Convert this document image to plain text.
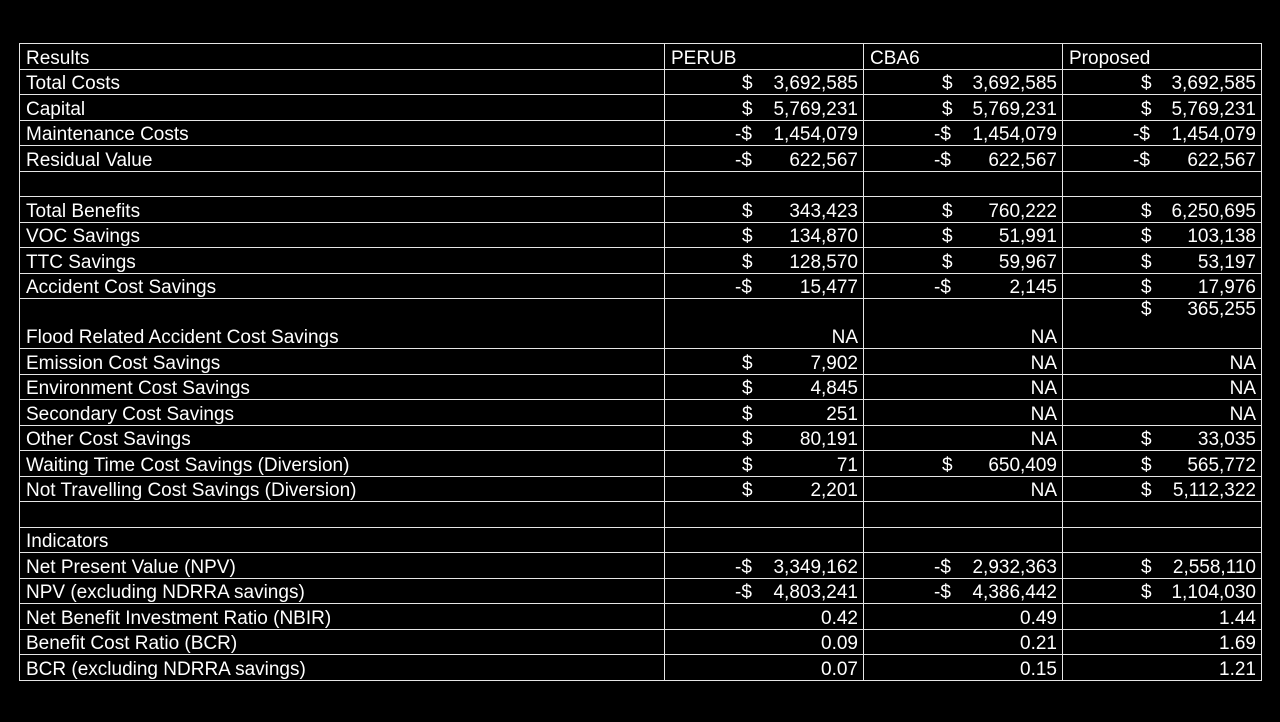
Results	PERUB	CBA6	Proposed
Total Costs	$ 3,692,585	$ 3,692,585	$ 3,692,585
Capital	$ 5,769,231	$ 5,769,231	$ 5,769,231
Maintenance Costs	-$ 1,454,079	-$ 1,454,079	-$ 1,454,079
Residual Value	-$ 622,567	-$ 622,567	-$ 622,567

Total Benefits	$ 343,423	$ 760,222	$ 6,250,695
VOC Savings	$ 134,870	$ 51,991	$ 103,138
TTC Savings	$ 128,570	$ 59,967	$ 53,197
Accident Cost Savings	-$ 15,477	-$ 2,145	$ 17,976
Flood Related Accident Cost Savings	NA	NA	$ 365,255

Emission Cost Savings	$ 7,902	NA	NA
Environment Cost Savings	$ 4,845	NA	NA
Secondary Cost Savings	$ 251	NA	NA
Other Cost Savings	$ 80,191	NA	$ 33,035
Waiting Time Cost Savings (Diversion)	$ 71	$ 650,409	$ 565,772
Not Travelling Cost Savings (Diversion)	$ 2,201	NA	$ 5,112,322

Indicators	

Net Present Value (NPV)	-$ 3,349,162	-$ 2,932,363	$ 2,558,110
NPV (excluding NDRRA savings)	-$ 4,803,241	-$ 4,386,442	$ 1,104,030
Net Benefit Investment Ratio (NBIR)	0.42	0.49	1.44
Benefit Cost Ratio (BCR)	0.09	0.21	1.69
BCR (excluding NDRRA savings)	0.07	0.15	1.21
